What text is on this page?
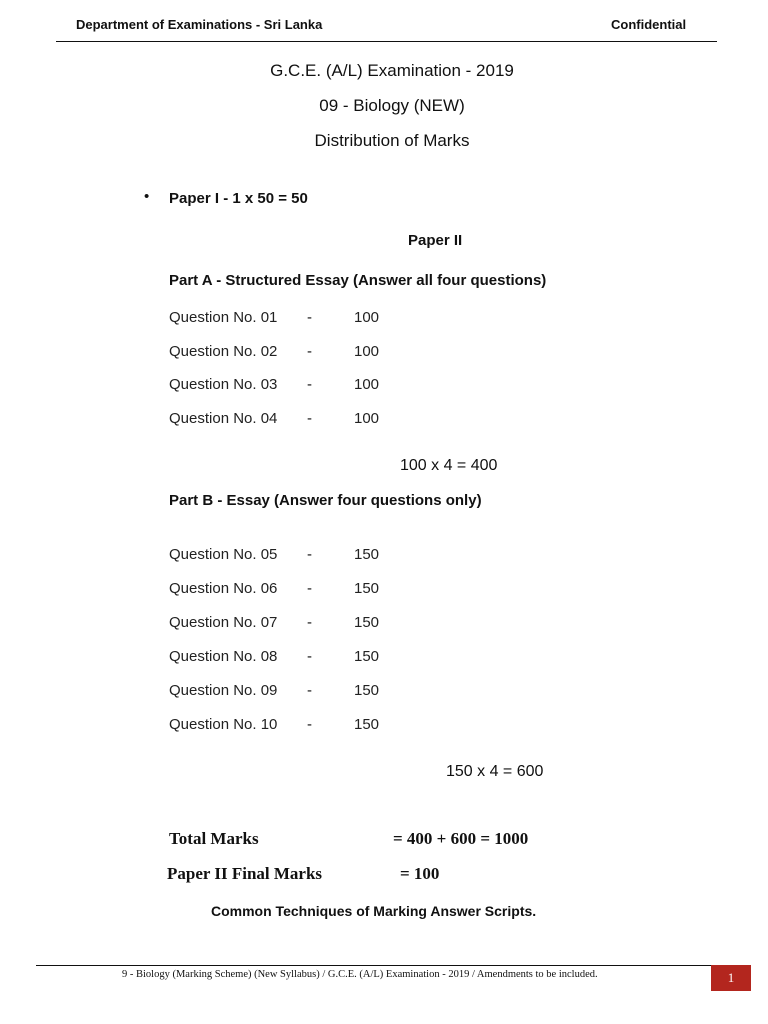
Department of Examinations - Sri Lanka	Confidential
G.C.E. (A/L) Examination - 2019
09 - Biology (NEW)
Distribution of Marks
• Paper I - 1 x 50 = 50
Paper II
Part A - Structured Essay (Answer all four questions)
Question No. 01 -	100
Question No. 02 -	100
Question No. 03 -	100
Question No. 04 -	100
100 x 4 = 400
Part B - Essay (Answer four questions only)
Question No. 05 -	150
Question No. 06 -	150
Question No. 07 -	150
Question No. 08 -	150
Question No. 09 -	150
Question No. 10 -	150
150 x 4 = 600
Total Marks	= 400 + 600 = 1000
Paper II Final Marks	= 100
Common Techniques of Marking Answer Scripts.
9 - Biology (Marking Scheme) (New Syllabus) / G.C.E. (A/L) Examination - 2019 / Amendments to be included.	1
